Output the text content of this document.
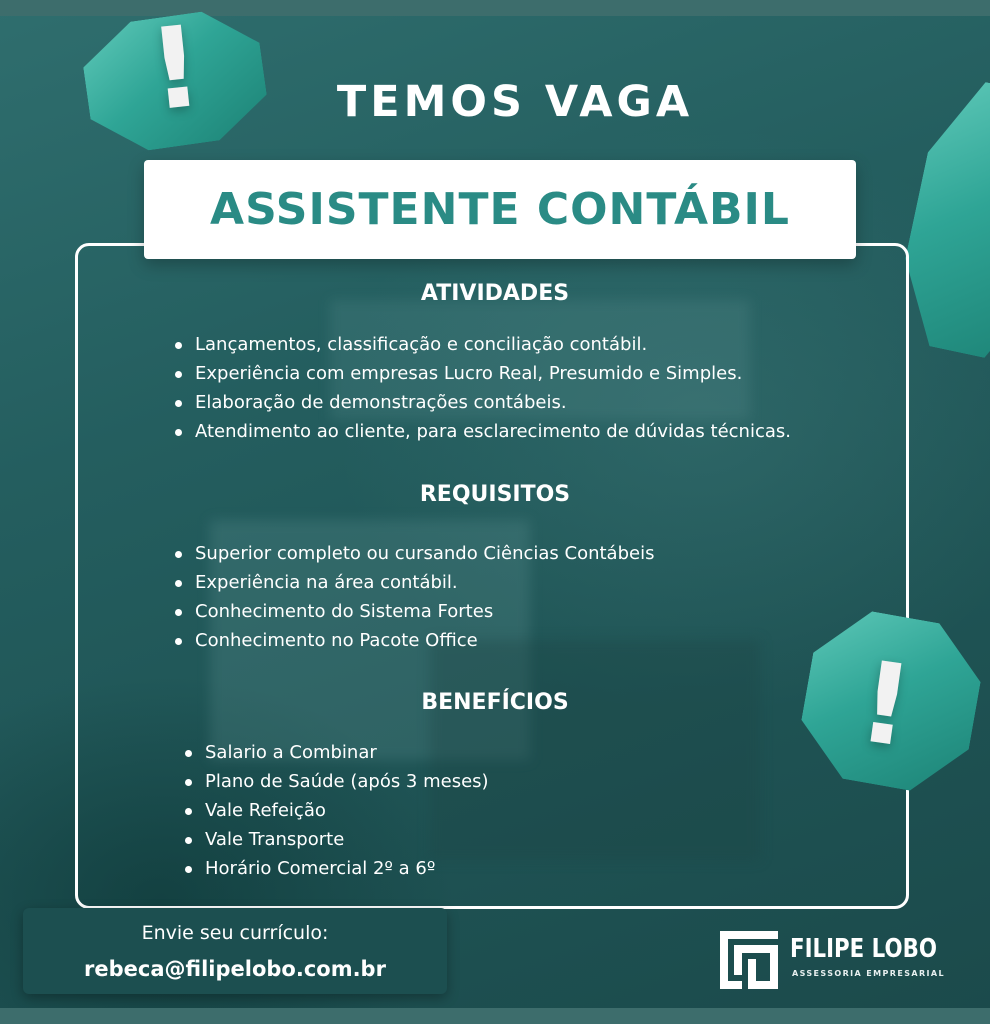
!	TEMOS VAGA
ASSISTENTE CONTÁBIL
ATIVIDADES
Lançamentos, classificação e conciliação contábil.
Experiência com empresas Lucro Real, Presumido e Simples.
Elaboração de demonstrações contábeis.
Atendimento ao cliente, para esclarecimento de dúvidas técnicas.
REQUISITOS
Superior completo ou cursando Ciências Contábeis
Experiência na área contábil.
Conhecimento do Sistema Fortes
Conhecimento no Pacote Office
BENEFÍCIOS
Salario a Combinar
Plano de Saúde (após 3 meses)
Vale Refeição
Vale Transporte
Horário Comercial 2º a 6º
!
Envie seu currículo:
rebeca@filipelobo.com.br
FILIPE LOBO
ASSESSORIA EMPRESARIAL
